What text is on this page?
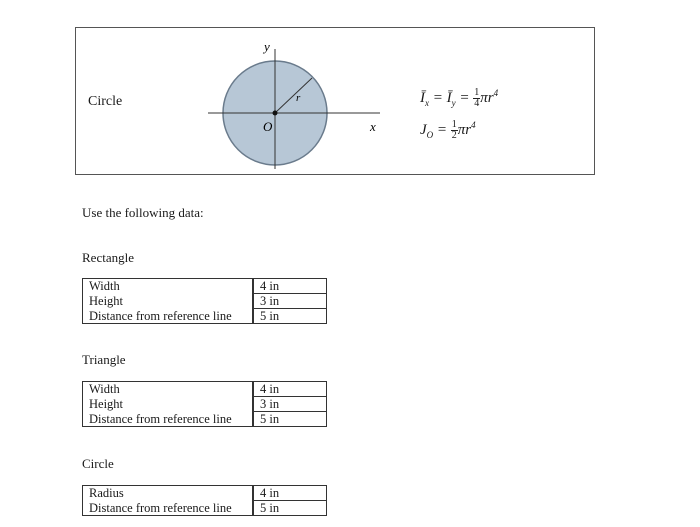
Circle
y
x
O
r	$Ī_x$ = $Ī_y = \frac{1}{4} \pi r^4$
$J_O = \frac{1}{2} \pi r^4$
Use the following data:
Rectangle
Width	4 in
Height	3 in
Distance from reference line	5 in
Triangle
Width	4 in
Height	3 in
Distance from reference line	5 in
Circle
Radius	4 in
Distance from reference line	5 in
